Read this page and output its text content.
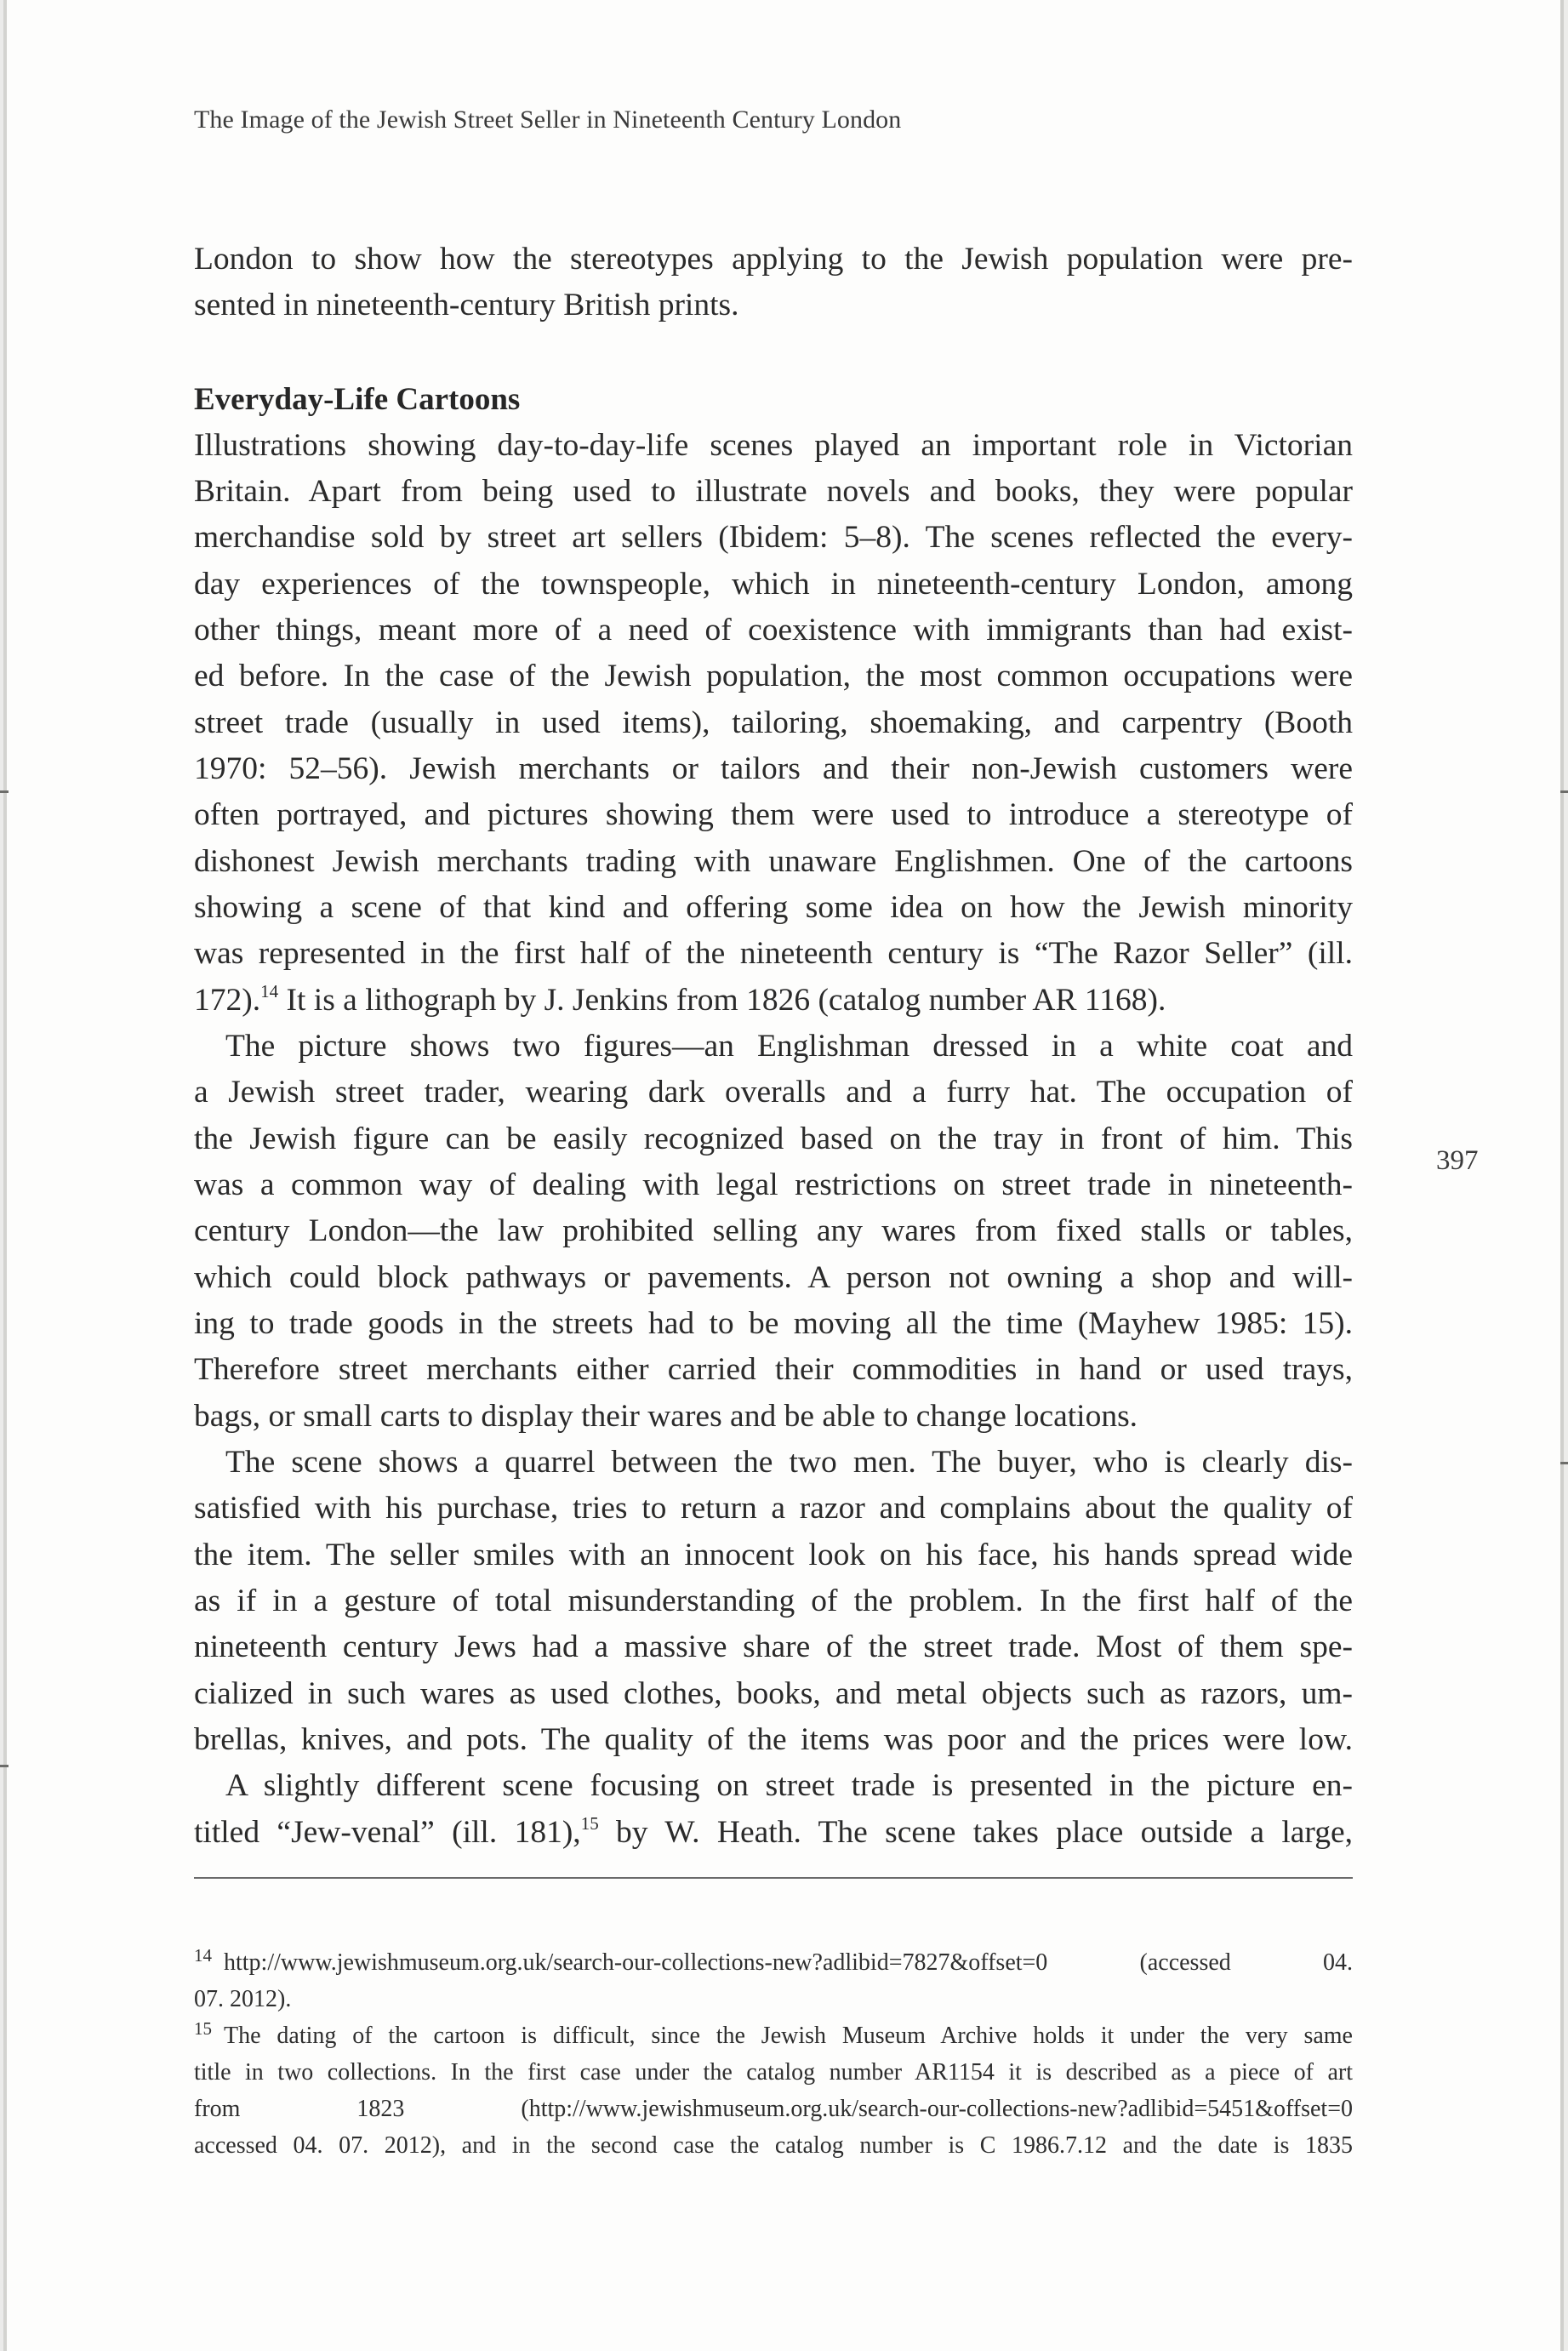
The Image of the Jewish Street Seller in Nineteenth Century London
London to show how the stereotypes applying to the Jewish population were pre-
sented in nineteenth-century British prints.
Everyday-Life Cartoons
Illustrations showing day-to-day-life scenes played an important role in Victorian
Britain. Apart from being used to illustrate novels and books, they were popular
merchandise sold by street art sellers (Ibidem: 5–8). The scenes reflected the every-
day experiences of the townspeople, which in nineteenth-century London, among
other things, meant more of a need of coexistence with immigrants than had exist-
ed before. In the case of the Jewish population, the most common occupations were
street trade (usually in used items), tailoring, shoemaking, and carpentry (Booth
1970: 52–56). Jewish merchants or tailors and their non-Jewish customers were
often portrayed, and pictures showing them were used to introduce a stereotype of
dishonest Jewish merchants trading with unaware Englishmen. One of the cartoons
showing a scene of that kind and offering some idea on how the Jewish minority
was represented in the first half of the nineteenth century is “The Razor Seller” (ill.
172).$^{14}$ It is a lithograph by J. Jenkins from 1826 (catalog number AR 1168).
The picture shows two figures—an Englishman dressed in a white coat and
a Jewish street trader, wearing dark overalls and a furry hat. The occupation of
the Jewish figure can be easily recognized based on the tray in front of him. This
was a common way of dealing with legal restrictions on street trade in nineteenth-
century London—the law prohibited selling any wares from fixed stalls or tables,
which could block pathways or pavements. A person not owning a shop and will-
ing to trade goods in the streets had to be moving all the time (Mayhew 1985: 15).
Therefore street merchants either carried their commodities in hand or used trays,
bags, or small carts to display their wares and be able to change locations.
The scene shows a quarrel between the two men. The buyer, who is clearly dis-
satisfied with his purchase, tries to return a razor and complains about the quality of
the item. The seller smiles with an innocent look on his face, his hands spread wide
as if in a gesture of total misunderstanding of the problem. In the first half of the
nineteenth century Jews had a massive share of the street trade. Most of them spe-
cialized in such wares as used clothes, books, and metal objects such as razors, um-
brellas, knives, and pots. The quality of the items was poor and the prices were low.
A slightly different scene focusing on street trade is presented in the picture en-
titled “Jew-venal” (ill. 181),$^{15}$ by W. Heath. The scene takes place outside a large,
397
$^{14}$ http://www.jewishmuseum.org.uk/search-our-collections-new?adlibid=7827&offset=0 (accessed 04.
07. 2012).
$^{15}$ The dating of the cartoon is difficult, since the Jewish Museum Archive holds it under the very same
title in two collections. In the first case under the catalog number AR1154 it is described as a piece of art
from 1823 (http://www.jewishmuseum.org.uk/search-our-collections-new?adlibid=5451&offset=0
accessed 04. 07. 2012), and in the second case the catalog number is C 1986.7.12 and the date is 1835
